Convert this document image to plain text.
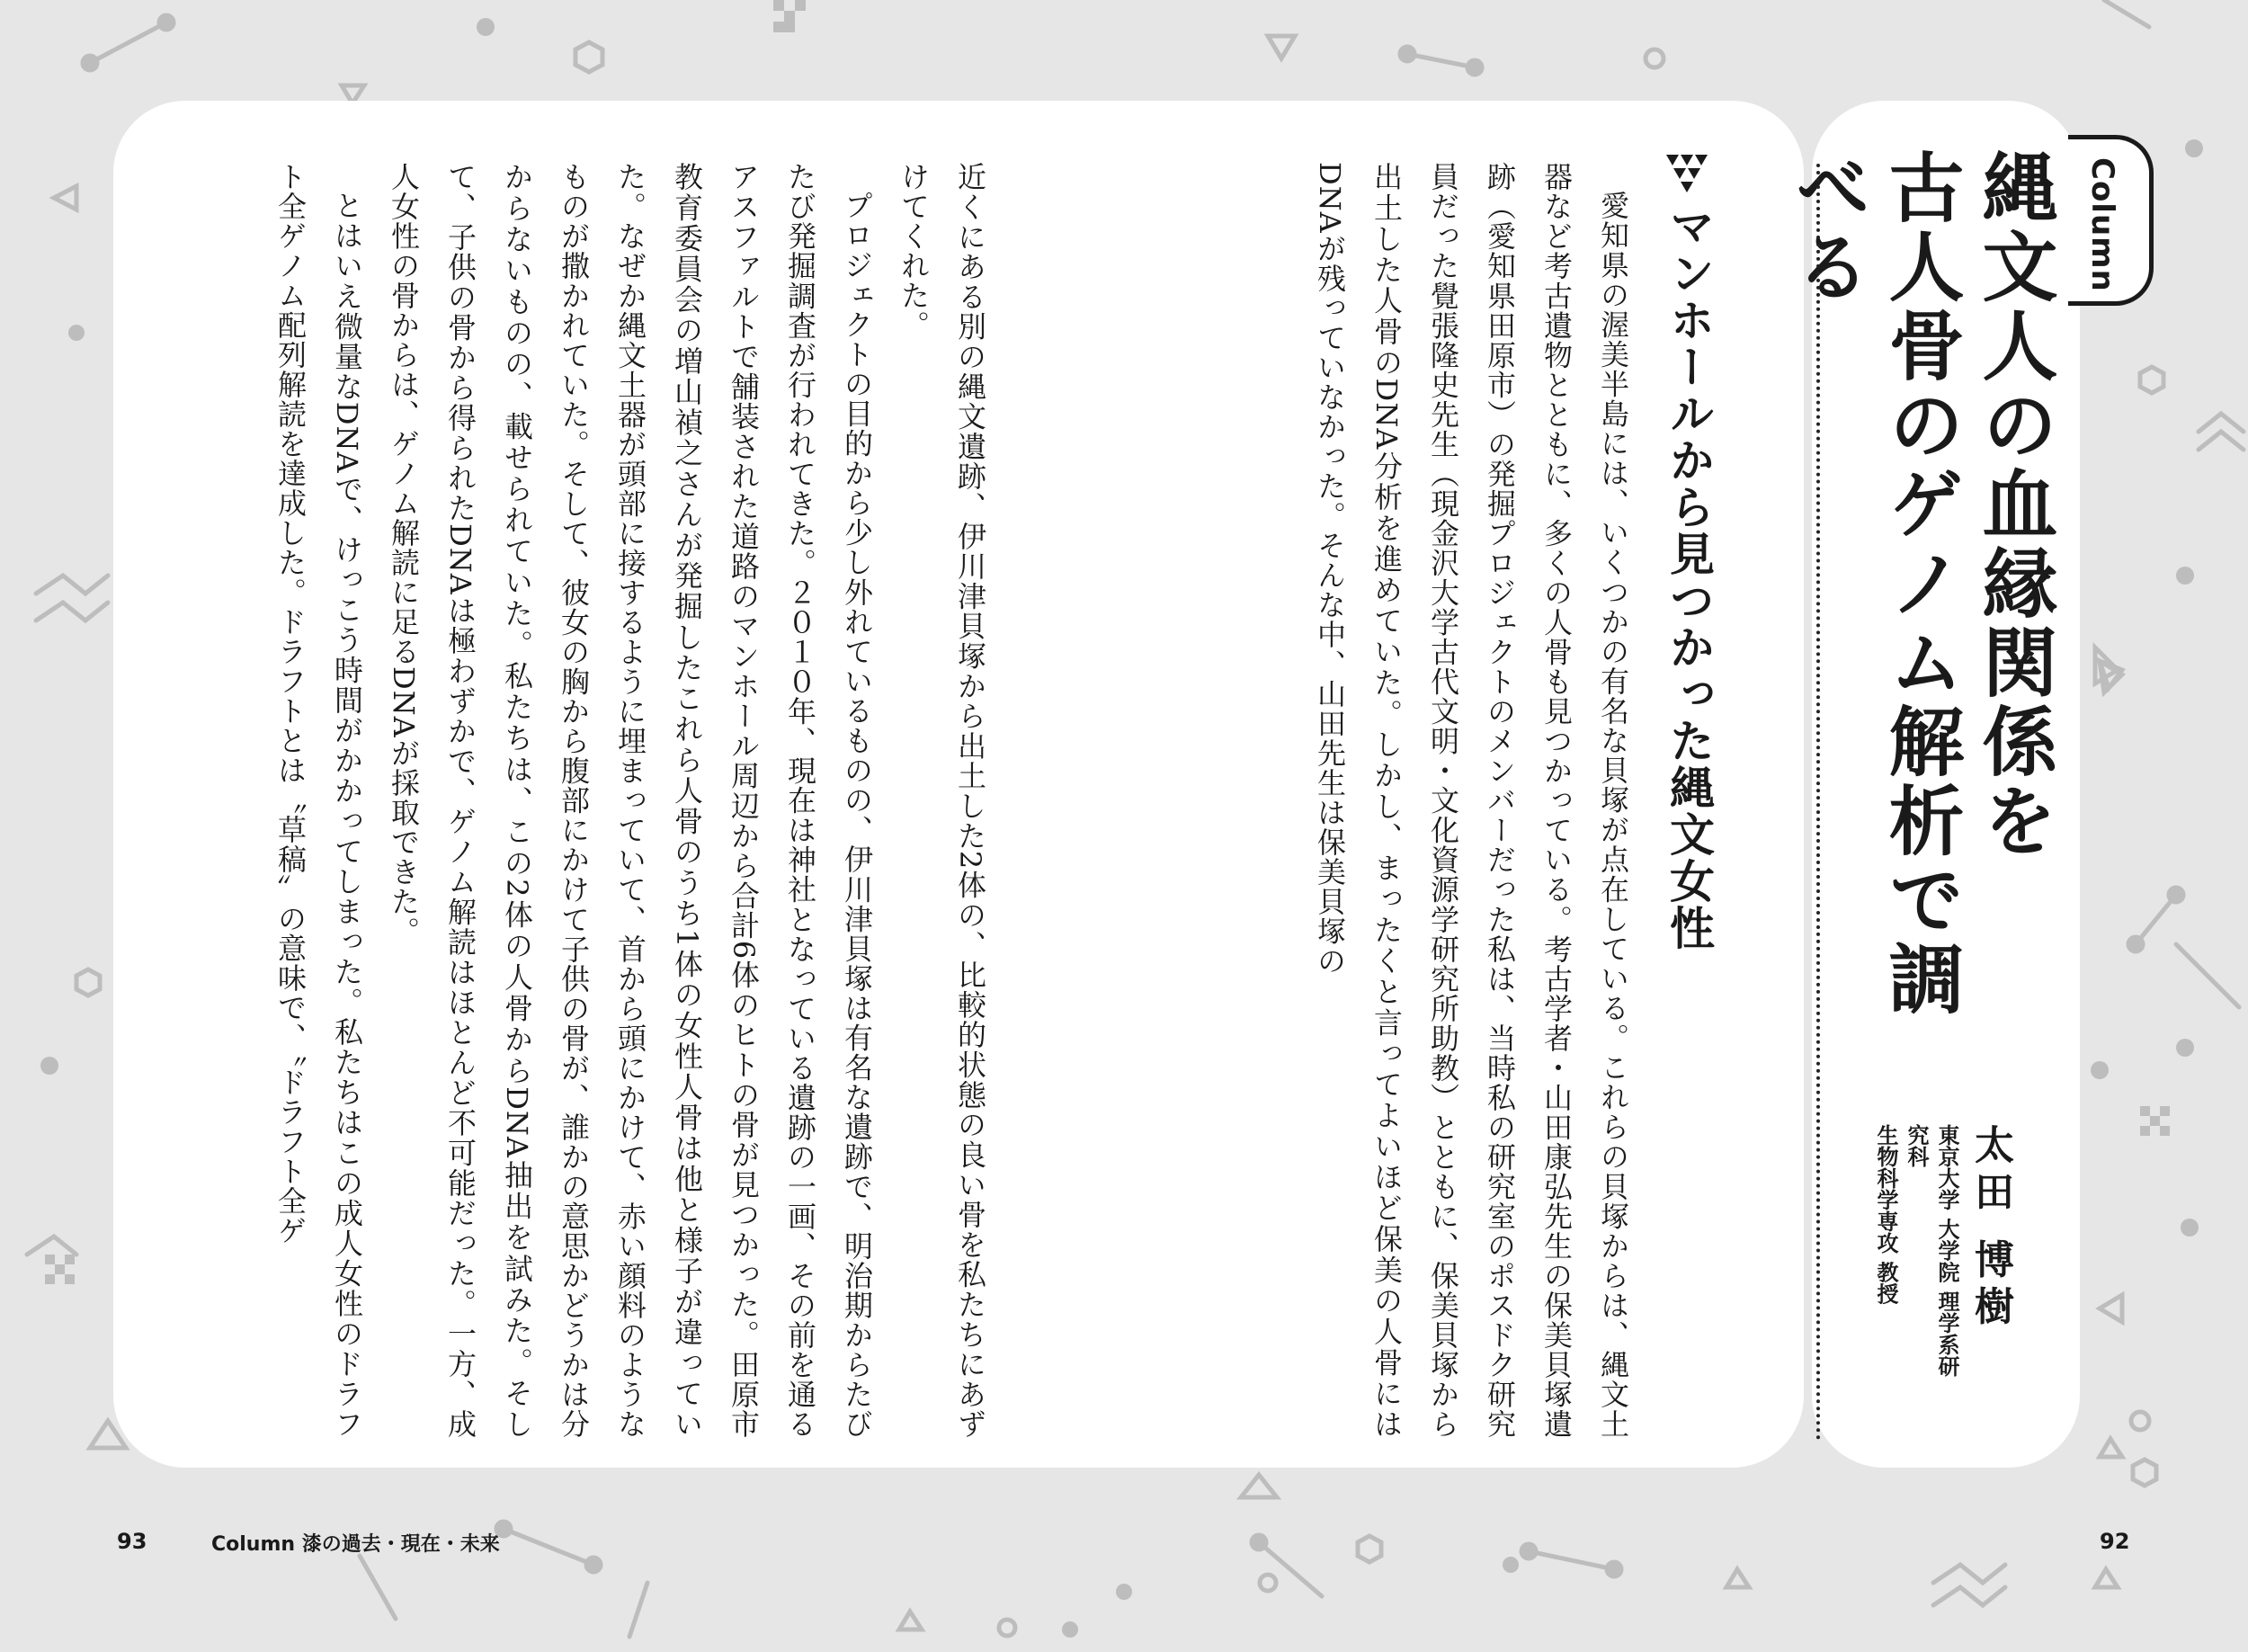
Column
縄文人の血縁関係を
古人骨のゲノム解析で調べる
太田 博樹
東京大学 大学院 理学系研究科
生物科学専攻 教授
マンホールから見つかった縄文女性

愛知県の渥美半島には、いくつかの有名な貝塚が点在している。これらの貝塚からは、縄文土器など考古遺物とともに、多くの人骨も見つかっている。考古学者・山田康弘先生の保美貝塚遺跡（愛知県田原市）の発掘プロジェクトのメンバーだった私は、当時私の研究室のポスドク研究員だった覺張隆史先生（現金沢大学古代文明・文化資源学研究所助教）とともに、保美貝塚から出土した人骨のDNA分析を進めていた。しかし、まったくと言ってよいほど保美の人骨にはDNAが残っていなかった。そんな中、山田先生は保美貝塚の

近くにある別の縄文遺跡、伊川津貝塚から出土した2体の、比較的状態の良い骨を私たちにあずけてくれた。

プロジェクトの目的から少し外れているものの、伊川津貝塚は有名な遺跡で、明治期からたびたび発掘調査が行われてきた。２０１０年、現在は神社となっている遺跡の一画、その前を通るアスファルトで舗装された道路のマンホール周辺から合計6体のヒトの骨が見つかった。田原市教育委員会の増山禎之さんが発掘したこれら人骨のうち1体の女性人骨は他と様子が違っていた。なぜか縄文土器が頭部に接するように埋まっていて、首から頭にかけて、赤い顔料のようなものが撒かれていた。そして、彼女の胸から腹部にかけて子供の骨が、誰かの意思かどうかは分からないものの、載せられていた。私たちは、この2体の人骨からDNA抽出を試みた。そして、子供の骨から得られたDNAは極わずかで、ゲノム解読はほとんど不可能だった。一方、成人女性の骨からは、ゲノム解読に足るDNAが採取できた。

とはいえ微量なDNAで、けっこう時間がかかってしまった。私たちはこの成人女性のドラフト全ゲノム配列解読を達成した。ドラフトとは〝草稿〟の意味で、〝ドラフト全ゲ

93	Column 漆の過去・現在・未来	92
